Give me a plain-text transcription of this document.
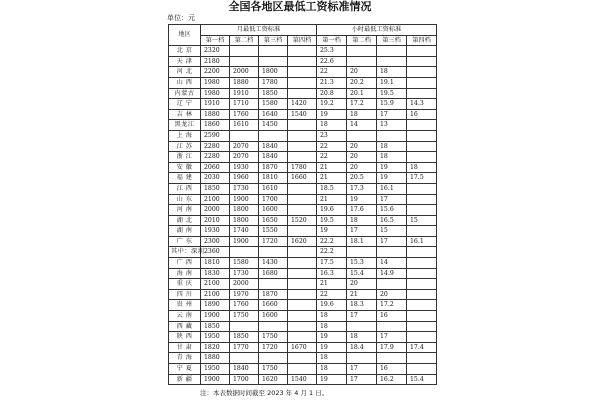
全国各地区最低工资标准情况
单位：元
地区	月最低工资标准				小时最低工资标准			
	第一档	第二档	第三档	第四档	第一档	第二档	第三档	第四档
北 京	2320				25.3			
天 津	2180				22.6			
河 北	2200	2000	1800		22	20	18	
山 西	1980	1880	1780		21.3	20.2	19.1	
内蒙古	1980	1910	1850		20.8	20.1	19.5	
辽 宁	1910	1710	1580	1420	19.2	17.2	15.9	14.3
吉 林	1880	1760	1640	1540	19	18	17	16
黑龙江	1860	1610	1450		18	14	13	
上 海	2590				23			
江 苏	2280	2070	1840		22	20	18	
浙 江	2280	2070	1840		22	20	18	
安 徽	2060	1930	1870	1780	21	20	19	18
福 建	2030	1960	1810	1660	21	20.5	19	17.5
江 西	1850	1730	1610		18.5	17.3	16.1	
山 东	2100	1900	1700		21	19	17	
河 南	2000	1800	1600		19.6	17.6	15.6	
湖 北	2010	1800	1650	1520	19.5	18	16.5	15
湖 南	1930	1740	1550		19	17	15	
广 东	2300	1900	1720	1620	22.2	18.1	17	16.1
其中：深圳	2360				22.2			
广 西	1810	1580	1430		17.5	15.3	14	
海 南	1830	1730	1680		16.3	15.4	14.9	
重 庆	2100	2000			21	20		
四 川	2100	1970	1870		22	21	20	
贵 州	1890	1760	1660		19.6	18.3	17.2	
云 南	1900	1750	1600		18	17	16	
西 藏	1850				18			
陕 西	1950	1850	1750		19	18	17	
甘 肃	1820	1770	1720	1670	19	18.4	17.9	17.4
青 海	1880				18			
宁 夏	1950	1840	1750		18	17	16	
新 疆	1900	1700	1620	1540	19	17	16.2	15.4
注：本表数据时间截至 2023 年 4 月 1 日。
